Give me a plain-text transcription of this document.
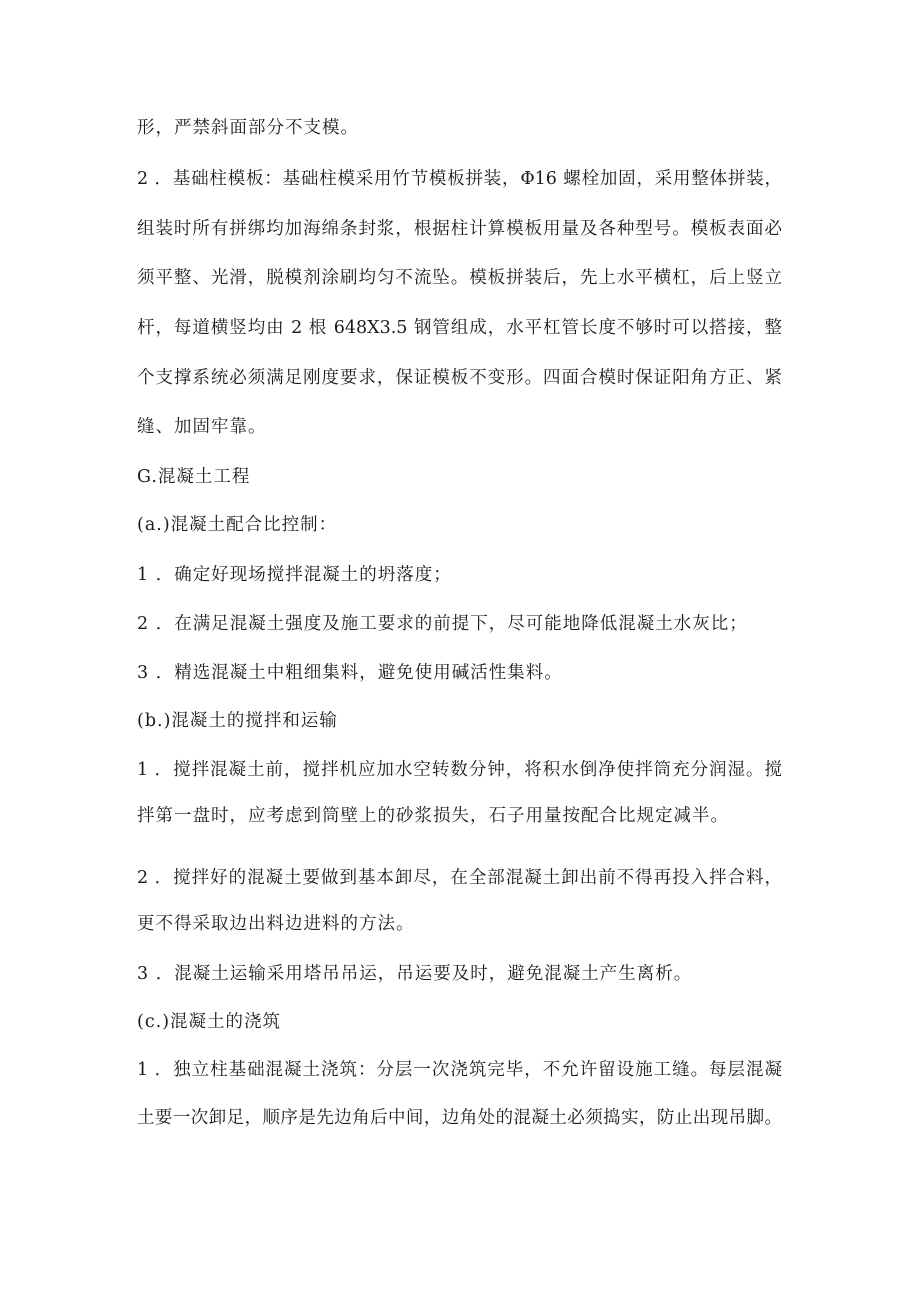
形，严禁斜面部分不支模。
2 ．基础柱模板：基础柱模采用竹节模板拼装，Φ16 螺栓加固，采用整体拼装，
组装时所有拼绑均加海绵条封浆，根据柱计算模板用量及各种型号。模板表面必
须平整、光滑，脱模剂涂刷均匀不流坠。模板拼装后，先上水平横杠，后上竖立
杆，每道横竖均由 2 根 648X3.5 钢管组成，水平杠管长度不够时可以搭接，整
个支撑系统必须满足刚度要求，保证模板不变形。四面合模时保证阳角方正、紧
缝、加固牢靠。
G.混凝土工程
(a.)混凝土配合比控制：
1 ．确定好现场搅拌混凝土的坍落度；
2 ．在满足混凝土强度及施工要求的前提下，尽可能地降低混凝土水灰比；
3 ．精选混凝土中粗细集料，避免使用碱活性集料。
(b.)混凝土的搅拌和运输
1 ．搅拌混凝土前，搅拌机应加水空转数分钟，将积水倒净使拌筒充分润湿。搅
拌第一盘时，应考虑到筒壁上的砂浆损失，石子用量按配合比规定减半。
2 ．搅拌好的混凝土要做到基本卸尽，在全部混凝土卸出前不得再投入拌合料，
更不得采取边出料边进料的方法。
3 ．混凝土运输采用塔吊吊运，吊运要及时，避免混凝土产生离析。
(c.)混凝土的浇筑
1 ．独立柱基础混凝土浇筑：分层一次浇筑完毕，不允许留设施工缝。每层混凝
土要一次卸足，顺序是先边角后中间，边角处的混凝土必须捣实，防止出现吊脚。
